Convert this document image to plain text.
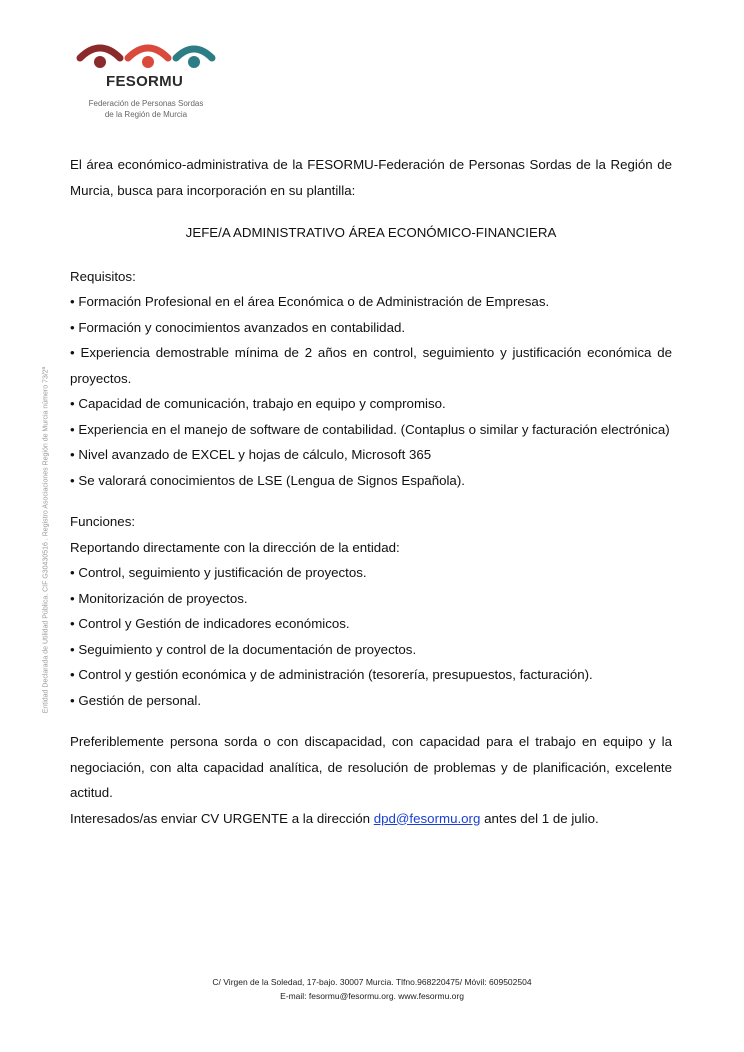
FESORMU
Federación de Personas Sordas
de la Región de Murcia
Entidad Declarada de Utilidad Pública. CIF G30430516 . Registro Asociaciones Región de Murcia número 73/2ª

El área económico-administrativa de la FESORMU-Federación de Personas Sordas de la Región de Murcia, busca para incorporación en su plantilla:

JEFE/A ADMINISTRATIVO ÁREA ECONÓMICO-FINANCIERA

Requisitos:

• Formación Profesional en el área Económica o de Administración de Empresas.
• Formación y conocimientos avanzados en contabilidad.
• Experiencia demostrable mínima de 2 años en control, seguimiento y justificación económica de proyectos.
• Capacidad de comunicación, trabajo en equipo y compromiso.
• Experiencia en el manejo de software de contabilidad. (Contaplus o similar y facturación electrónica)
• Nivel avanzado de EXCEL y hojas de cálculo, Microsoft 365
• Se valorará conocimientos de LSE (Lengua de Signos Española).

Funciones:

Reportando directamente con la dirección de la entidad:

• Control, seguimiento y justificación de proyectos.
• Monitorización de proyectos.
• Control y Gestión de indicadores económicos.
• Seguimiento y control de la documentación de proyectos.
• Control y gestión económica y de administración (tesorería, presupuestos, facturación).
• Gestión de personal.

Preferiblemente persona sorda o con discapacidad, con capacidad para el trabajo en equipo y la negociación, con alta capacidad analítica, de resolución de problemas y de planificación, excelente actitud.

Interesados/as enviar CV URGENTE a la dirección dpd@fesormu.org antes del 1 de julio.

C/ Virgen de la Soledad, 17-bajo. 30007 Murcia. Tlfno.968220475/ Móvil: 609502504
E-mail: fesormu@fesormu.org. www.fesormu.org
